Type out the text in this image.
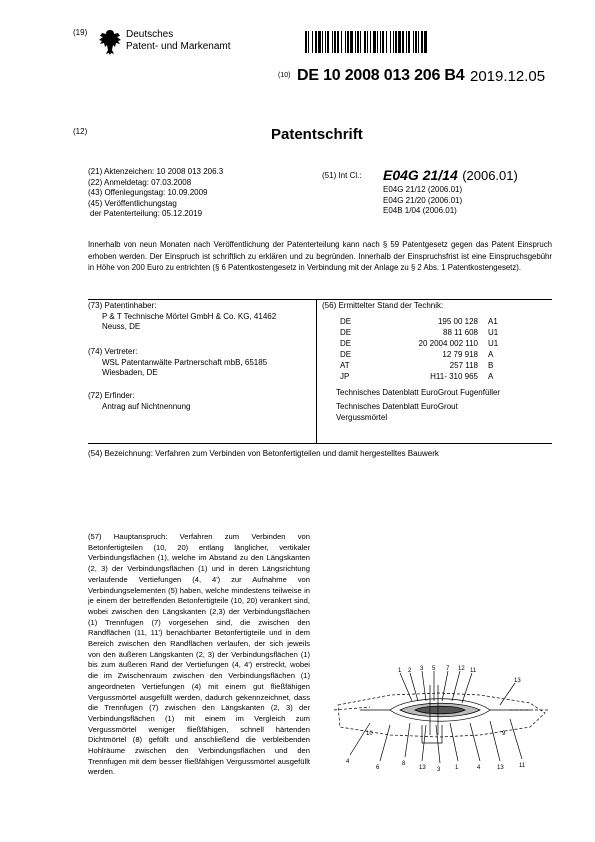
(19)	Deutsches
Patent- und Markenamt
(10) DE 10 2008 013 206 B4 2019.12.05
(12)	Patentschrift
(21) Aktenzeichen: 10 2008 013 206.3
(22) Anmeldetag: 07.03.2008
(43) Offenlegungstag: 10.09.2009
(45) Veröffentlichungstag
der Patenterteilung: 05.12.2019
(51) Int Cl.: E04G 21/14 (2006.01)
E04G 21/12 (2006.01)
E04G 21/20 (2006.01)
E04B 1/04 (2006.01)
Innerhalb von neun Monaten nach Veröffentlichung der Patenterteilung kann nach § 59 Patentgesetz gegen das Patent Einspruch erhoben werden. Der Einspruch ist schriftlich zu erklären und zu begründen. Innerhalb der Einspruchsfrist ist eine Einspruchsgebühr in Höhe von 200 Euro zu entrichten (§ 6 Patentkostengesetz in Verbindung mit der Anlage zu § 2 Abs. 1 Patentkostengesetz).
(73) Patentinhaber:
P & T Technische Mörtel GmbH & Co. KG, 41462
Neuss, DE
(74) Vertreter:
WSL Patentanwälte Partnerschaft mbB, 65185
Wiesbaden, DE
(72) Erfinder:
Antrag auf Nichtnennung
(56) Ermittelter Stand der Technik:
DE	195 00 128 A1
DE	88 11 608 U1
DE	20 2004 002 110 U1
DE	12 79 918 A
AT	257 118 B
JP	H11- 310 965 A
Technisches Datenblatt EuroGrout Fugenfüller
Technisches Datenblatt EuroGrout
Vergussmörtel
(54) Bezeichnung: Verfahren zum Verbinden von Betonfertigteilen und damit hergestelltes Bauwerk
(57) Hauptanspruch: Verfahren zum Verbinden von Betonfertigteilen (10, 20) entlang länglicher, vertikaler Verbindungsflächen (1), welche im Abstand zu den Längskanten (2, 3) der Verbindungsflächen (1) und in deren Längsrichtung verlaufende Vertiefungen (4, 4') zur Aufnahme von Verbindungselementen (5) haben, welche mindestens teilweise in je einem der betreffenden Betonfertigteile (10, 20) verankert sind, wobei zwischen den Längskanten (2,3) der Verbindungsflächen (1) Trennfugen (7) vorgesehen sind, die zwischen den Randflächen (11, 11') benachbarter Betonfertigteile und in dem Bereich zwischen den Randflächen verlaufen, der sich jeweils von den äußeren Längskanten (2, 3) der Verbindungsflächen (1) bis zum äußeren Rand der Vertiefungen (4, 4') erstreckt, wobei die im Zwischenraum zwischen den Verbindungsflächen (1) angeordneten Vertiefungen (4) mit einem gut fließfähigen Vergussmörtel ausgefüllt werden, dadurch gekennzeichnet, dass die Trennfugen (7) zwischen den Längskanten (2, 3) der Verbindungsflächen (1) mit einem im Vergleich zum Vergussmörtel weniger fließfähigen, schnell härtenden Dichtmörtel (8) gefüllt und anschließend die verbleibenden Hohlräume zwischen den Verbindungsflächen und den Trennfugen mit dem besser fließfähigen Vergussmörtel ausgefüllt werden.
1 2 3 5 7 12 11
13
4
6
8
13 3 1	4	13	11
10	9
